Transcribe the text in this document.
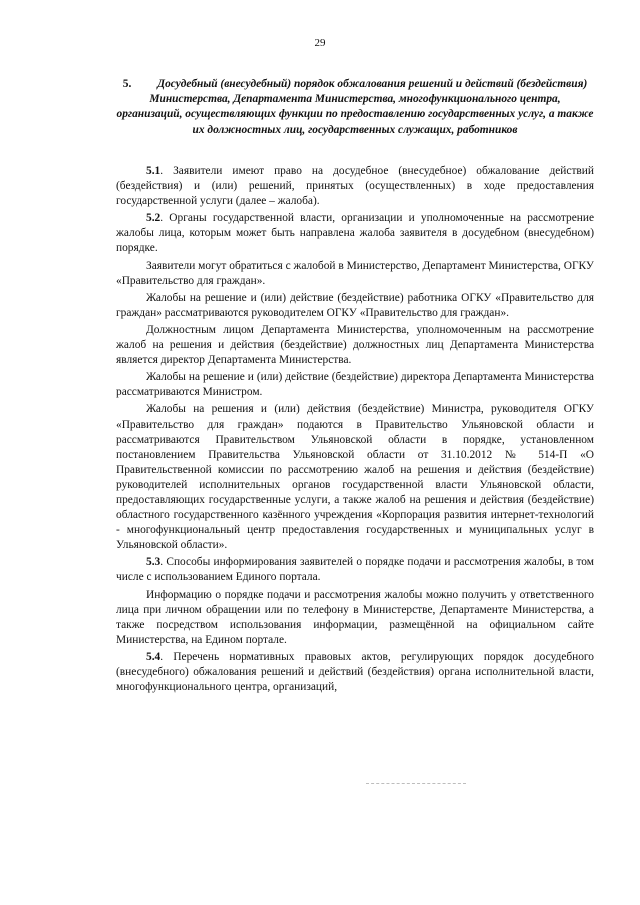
29
5. Досудебный (внесудебный) порядок обжалования решений и действий (бездействия) Министерства, Департамента Министерства, многофункционального центра, организаций, осуществляющих функции по предоставлению государственных услуг, а также их должностных лиц, государственных служащих, работников

5.1. Заявители имеют право на досудебное (внесудебное) обжалование действий (бездействия) и (или) решений, принятых (осуществленных) в ходе предоставления государственной услуги (далее – жалоба).

5.2. Органы государственной власти, организации и уполномоченные на рассмотрение жалобы лица, которым может быть направлена жалоба заявителя в досудебном (внесудебном) порядке.

Заявители могут обратиться с жалобой в Министерство, Департамент Министерства, ОГКУ «Правительство для граждан».

Жалобы на решение и (или) действие (бездействие) работника ОГКУ «Правительство для граждан» рассматриваются руководителем ОГКУ «Правительство для граждан».

Должностным лицом Департамента Министерства, уполномоченным на рассмотрение жалоб на решения и действия (бездействие) должностных лиц Департамента Министерства является директор Департамента Министерства.

Жалобы на решение и (или) действие (бездействие) директора Департамента Министерства рассматриваются Министром.

Жалобы на решения и (или) действия (бездействие) Министра, руководителя ОГКУ «Правительство для граждан» подаются в Правительство Ульяновской области и рассматриваются Правительством Ульяновской области в порядке, установленном постановлением Правительства Ульяновской области от 31.10.2012 № 514-П «О Правительственной комиссии по рассмотрению жалоб на решения и действия (бездействие) руководителей исполнительных органов государственной власти Ульяновской области, предоставляющих государственные услуги, а также жалоб на решения и действия (бездействие) областного государственного казённого учреждения «Корпорация развития интернет-технологий - многофункциональный центр предоставления государственных и муниципальных услуг в Ульяновской области».

5.3. Способы информирования заявителей о порядке подачи и рассмотрения жалобы, в том числе с использованием Единого портала.

Информацию о порядке подачи и рассмотрения жалобы можно получить у ответственного лица при личном обращении или по телефону в Министерстве, Департаменте Министерства, а также посредством использования информации, размещённой на официальном сайте Министерства, на Едином портале.

5.4. Перечень нормативных правовых актов, регулирующих порядок досудебного (внесудебного) обжалования решений и действий (бездействия) органа исполнительной власти, многофункционального центра, организаций,
